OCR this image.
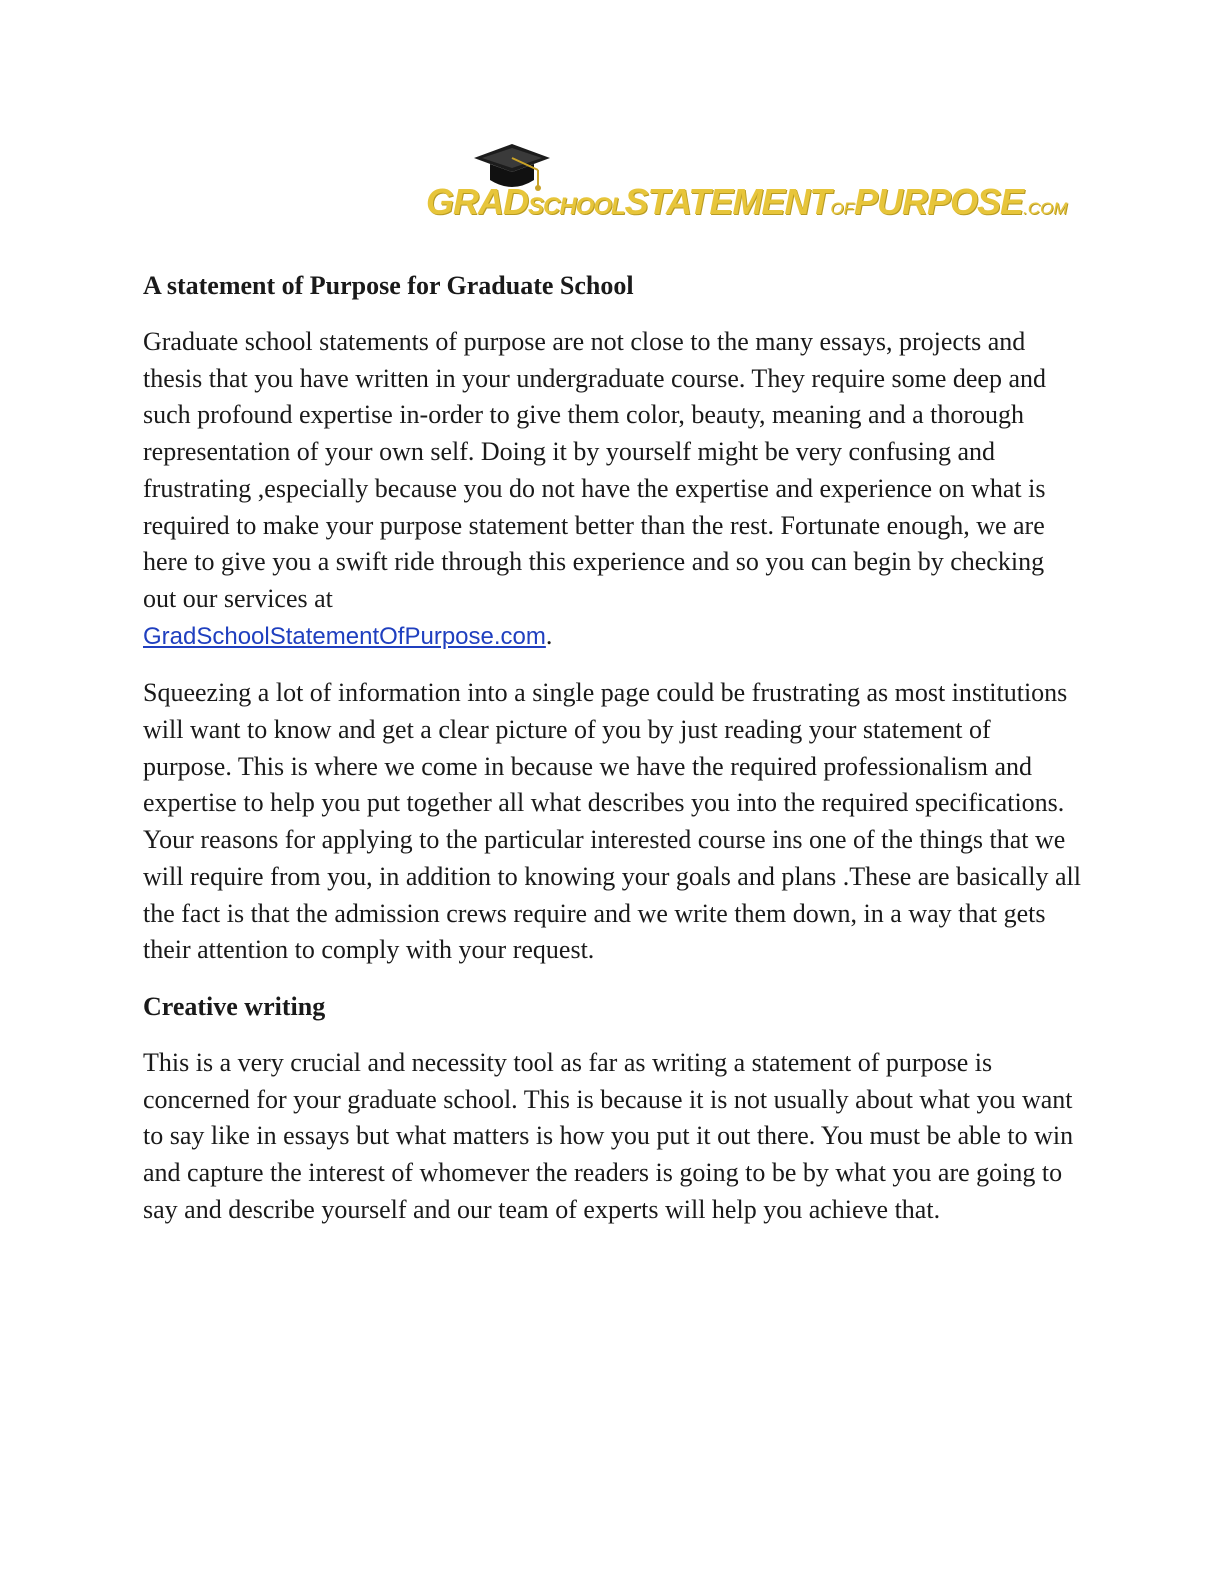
GRADSCHOOLSTATEMENTOFPURPOSE.COM
A statement of Purpose for Graduate School

Graduate school statements of purpose are not close to the many essays, projects and thesis that you have written in your undergraduate course. They require some deep and such profound expertise in-order to give them color, beauty, meaning and a thorough representation of your own self. Doing it by yourself might be very confusing and frustrating ,especially because you do not have the expertise and experience on what is required to make your purpose statement better than the rest. Fortunate enough, we are here to give you a swift ride through this experience and so you can begin by checking out our services at
GradSchoolStatementOfPurpose.com.

Squeezing a lot of information into a single page could be frustrating as most institutions will want to know and get a clear picture of you by just reading your statement of purpose. This is where we come in because we have the required professionalism and expertise to help you put together all what describes you into the required specifications. Your reasons for applying to the particular interested course ins one of the things that we will require from you, in addition to knowing your goals and plans .These are basically all the fact is that the admission crews require and we write them down, in a way that gets their attention to comply with your request.

Creative writing

This is a very crucial and necessity tool as far as writing a statement of purpose is concerned for your graduate school. This is because it is not usually about what you want to say like in essays but what matters is how you put it out there. You must be able to win and capture the interest of whomever the readers is going to be by what you are going to say and describe yourself and our team of experts will help you achieve that.
